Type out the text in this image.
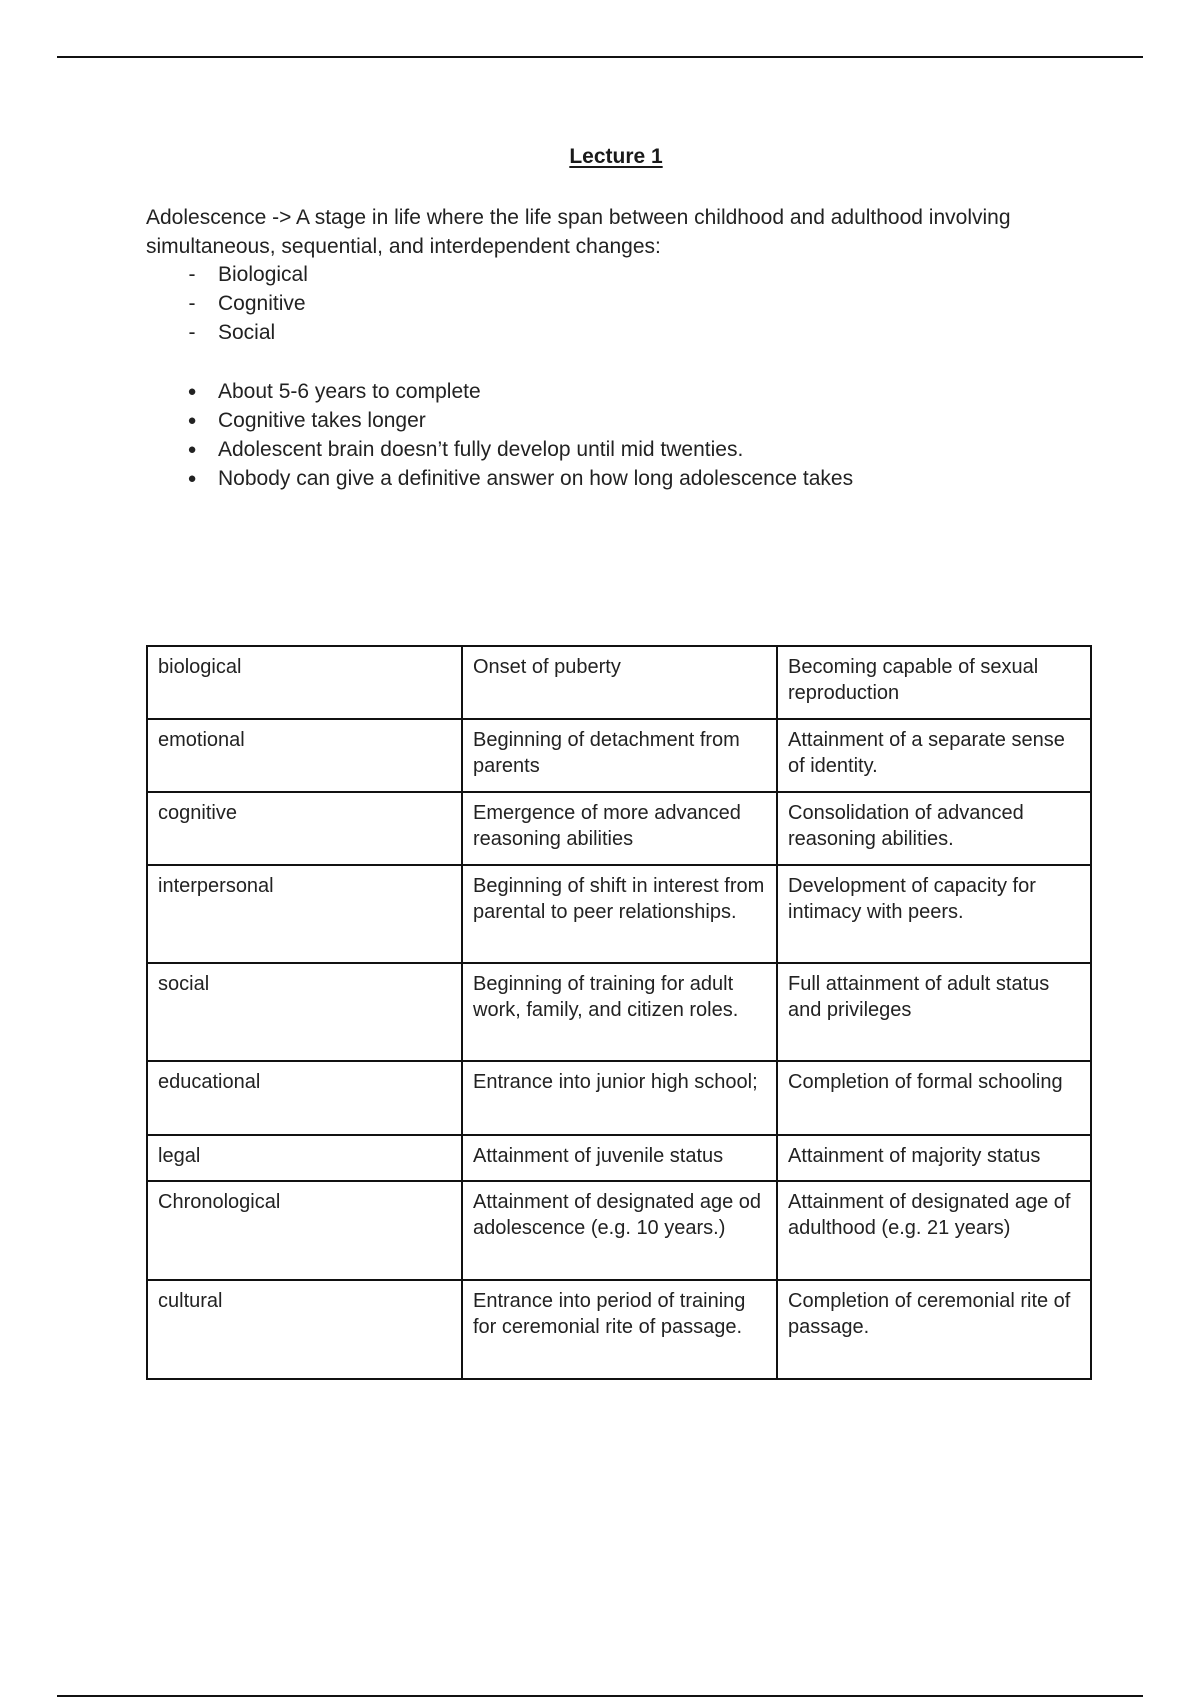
Lecture 1
Adolescence -> A stage in life where the life span between childhood and adulthood involving simultaneous, sequential, and interdependent changes:
- Biological
- Cognitive
- Social
● About 5-6 years to complete
● Cognitive takes longer
● Adolescent brain doesn’t fully develop until mid twenties.
● Nobody can give a definitive answer on how long adolescence takes
biological	Onset of puberty	Becoming capable of sexual reproduction
emotional	Beginning of detachment from parents	Attainment of a separate sense of identity.
cognitive	Emergence of more advanced reasoning abilities	Consolidation of advanced reasoning abilities.
interpersonal	Beginning of shift in interest from parental to peer relationships.	Development of capacity for intimacy with peers.
social	Beginning of training for adult work, family, and citizen roles.	Full attainment of adult status and privileges
educational	Entrance into junior high school;	Completion of formal schooling
legal	Attainment of juvenile status	Attainment of majority status
Chronological	Attainment of designated age od adolescence (e.g. 10 years.)	Attainment of designated age of adulthood (e.g. 21 years)
cultural	Entrance into period of training for ceremonial rite of passage.	Completion of ceremonial rite of passage.
